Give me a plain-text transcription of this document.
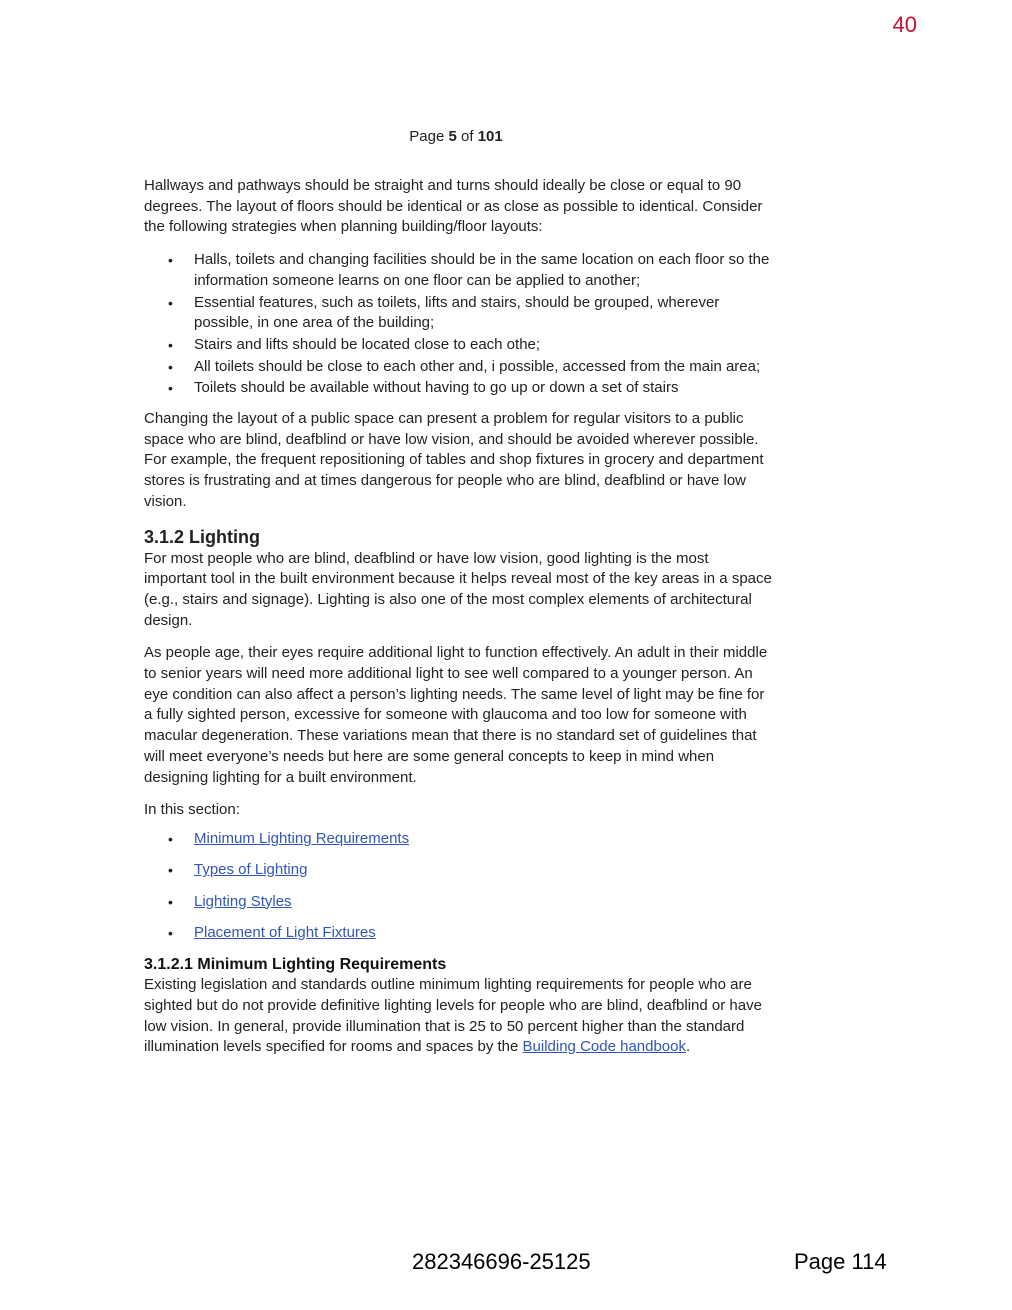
40
Page 5 of 101

Hallways and pathways should be straight and turns should ideally be close or equal to 90 degrees. The layout of floors should be identical or as close as possible to identical. Consider the following strategies when planning building/floor layouts:

• Halls, toilets and changing facilities should be in the same location on each floor so the information someone learns on one floor can be applied to another;
• Essential features, such as toilets, lifts and stairs, should be grouped, wherever possible, in one area of the building;
• Stairs and lifts should be located close to each othe;
• All toilets should be close to each other and, i possible, accessed from the main area;
• Toilets should be available without having to go up or down a set of stairs

Changing the layout of a public space can present a problem for regular visitors to a public space who are blind, deafblind or have low vision, and should be avoided wherever possible. For example, the frequent repositioning of tables and shop fixtures in grocery and department stores is frustrating and at times dangerous for people who are blind, deafblind or have low vision.

3.1.2 Lighting

For most people who are blind, deafblind or have low vision, good lighting is the most important tool in the built environment because it helps reveal most of the key areas in a space (e.g., stairs and signage). Lighting is also one of the most complex elements of architectural design.

As people age, their eyes require additional light to function effectively. An adult in their middle to senior years will need more additional light to see well compared to a younger person. An eye condition can also affect a person’s lighting needs. The same level of light may be fine for a fully sighted person, excessive for someone with glaucoma and too low for someone with macular degeneration. These variations mean that there is no standard set of guidelines that will meet everyone’s needs but here are some general concepts to keep in mind when designing lighting for a built environment.

In this section:

• Minimum Lighting Requirements
• Types of Lighting
• Lighting Styles
• Placement of Light Fixtures
3.1.2.1 Minimum Lighting Requirements

Existing legislation and standards outline minimum lighting requirements for people who are sighted but do not provide definitive lighting levels for people who are blind, deafblind or have low vision. In general, provide illumination that is 25 to 50 percent higher than the standard illumination levels specified for rooms and spaces by the Building Code handbook.

282346696-25125	Page 114
